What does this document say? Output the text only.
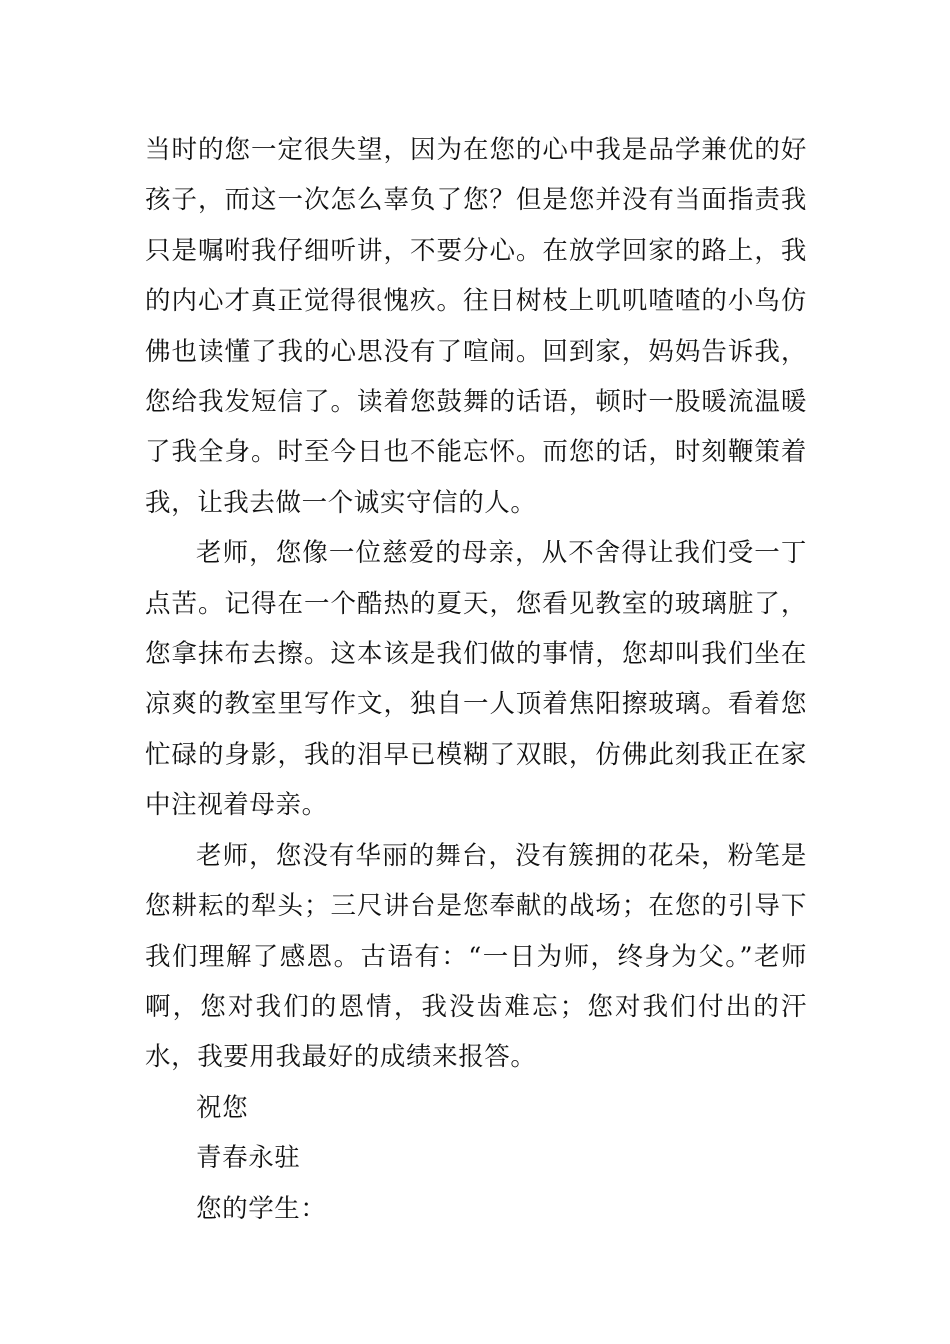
当时的您一定很失望，因为在您的心中我是品学兼优的好孩子，而这一次怎么辜负了您？但是您并没有当面指责我只是嘱咐我仔细听讲，不要分心。在放学回家的路上，我的内心才真正觉得很愧疚。往日树枝上叽叽喳喳的小鸟仿佛也读懂了我的心思没有了喧闹。回到家，妈妈告诉我，您给我发短信了。读着您鼓舞的话语，顿时一股暖流温暖了我全身。时至今日也不能忘怀。而您的话，时刻鞭策着我，让我去做一个诚实守信的人。

老师，您像一位慈爱的母亲，从不舍得让我们受一丁点苦。记得在一个酷热的夏天，您看见教室的玻璃脏了，您拿抹布去擦。这本该是我们做的事情，您却叫我们坐在凉爽的教室里写作文，独自一人顶着焦阳擦玻璃。看着您忙碌的身影，我的泪早已模糊了双眼，仿佛此刻我正在家中注视着母亲。

老师，您没有华丽的舞台，没有簇拥的花朵，粉笔是您耕耘的犁头；三尺讲台是您奉献的战场；在您的引导下我们理解了感恩。古语有：“一日为师，终身为父。”老师啊，您对我们的恩情，我没齿难忘；您对我们付出的汗水，我要用我最好的成绩来报答。

祝您

青春永驻

您的学生：
